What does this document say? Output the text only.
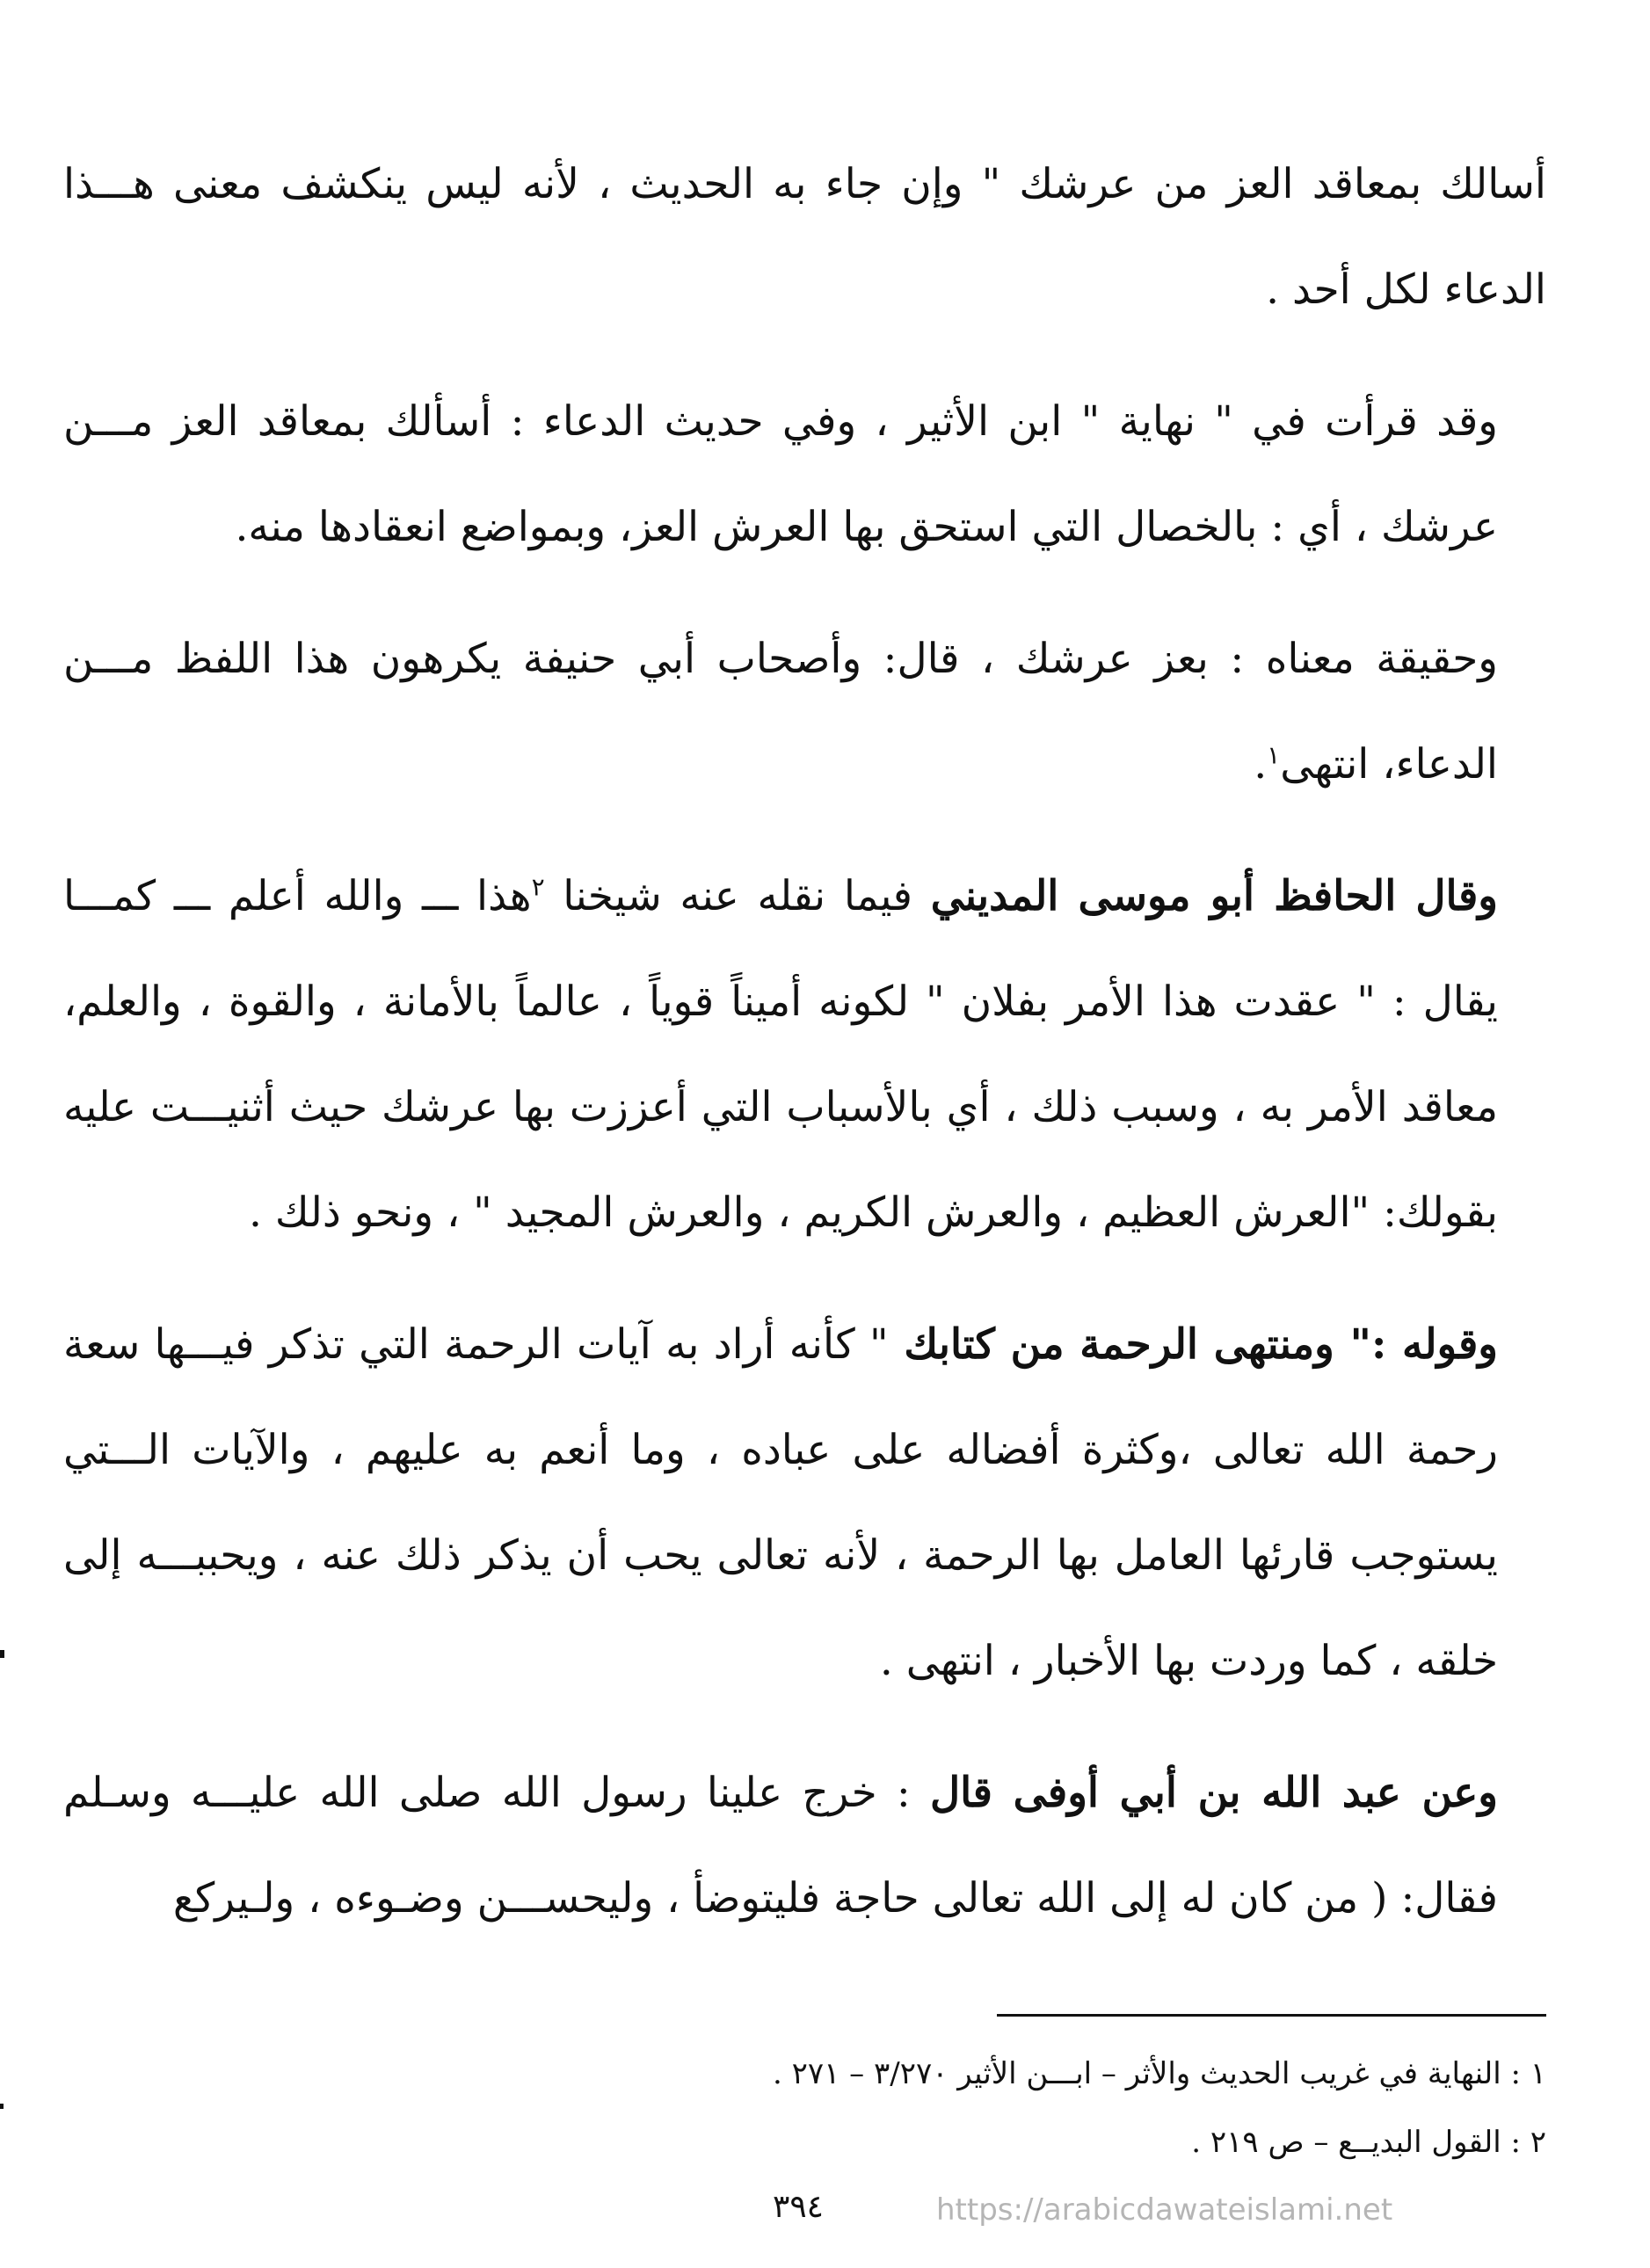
أسالك بمعاقد العز من عرشك " وإن جاء به الحديث ، لأنه ليس ينكشف معنى هـــذا الدعاء لكل أحد .

وقد قرأت في " نهاية " ابن الأثير ، وفي حديث الدعاء : أسألك بمعاقد العز مـــن عرشك ، أي : بالخصال التي استحق بها العرش العز، وبمواضع انعقادها منه.

وحقيقة معناه : بعز عرشك ، قال: وأصحاب أبي حنيفة يكرهون هذا اللفظ مـــن الدعاء، انتهى$^١$.

وقال الحافظ أبو موسى المديني فيما نقله عنه شيخنا $^٢$هذا ـــ والله أعلم ـــ كمـــا يقال : " عقدت هذا الأمر بفلان " لكونه أميناً قوياً ، عالماً بالأمانة ، والقوة ، والعلم، معاقد الأمر به ، وسبب ذلك ، أي بالأسباب التي أعززت بها عرشك حيث أثنيـــت عليه بقولك: "العرش العظيم ، والعرش الكريم ، والعرش المجيد " ، ونحو ذلك .

وقوله :" ومنتهى الرحمة من كتابك " كأنه أراد به آيات الرحمة التي تذكر فيـــها سعة رحمة الله تعالى ،وكثرة أفضاله على عباده ، وما أنعم به عليهم ، والآيات الـــتي يستوجب قارئها العامل بها الرحمة ، لأنه تعالى يحب أن يذكر ذلك عنه ، ويحببـــه إلى خلقه ، كما وردت بها الأخبار ، انتهى .

وعن عبد الله بن أبي أوفى قال : خرج علينا رسول الله صلى الله عليـــه وسـلم فقال: ( من كان له إلى الله تعالى حاجة فليتوضأ ، وليحســـن وضـوءه ، ولـيركع

١ : النهاية في غريب الحديث والأثر – ابـــن الأثير ٣/٢٧٠ – ٢٧١ .

٢ : القول البديــع – ص ٢١٩ .

٣٩٤	https://arabicdawateislami.net
